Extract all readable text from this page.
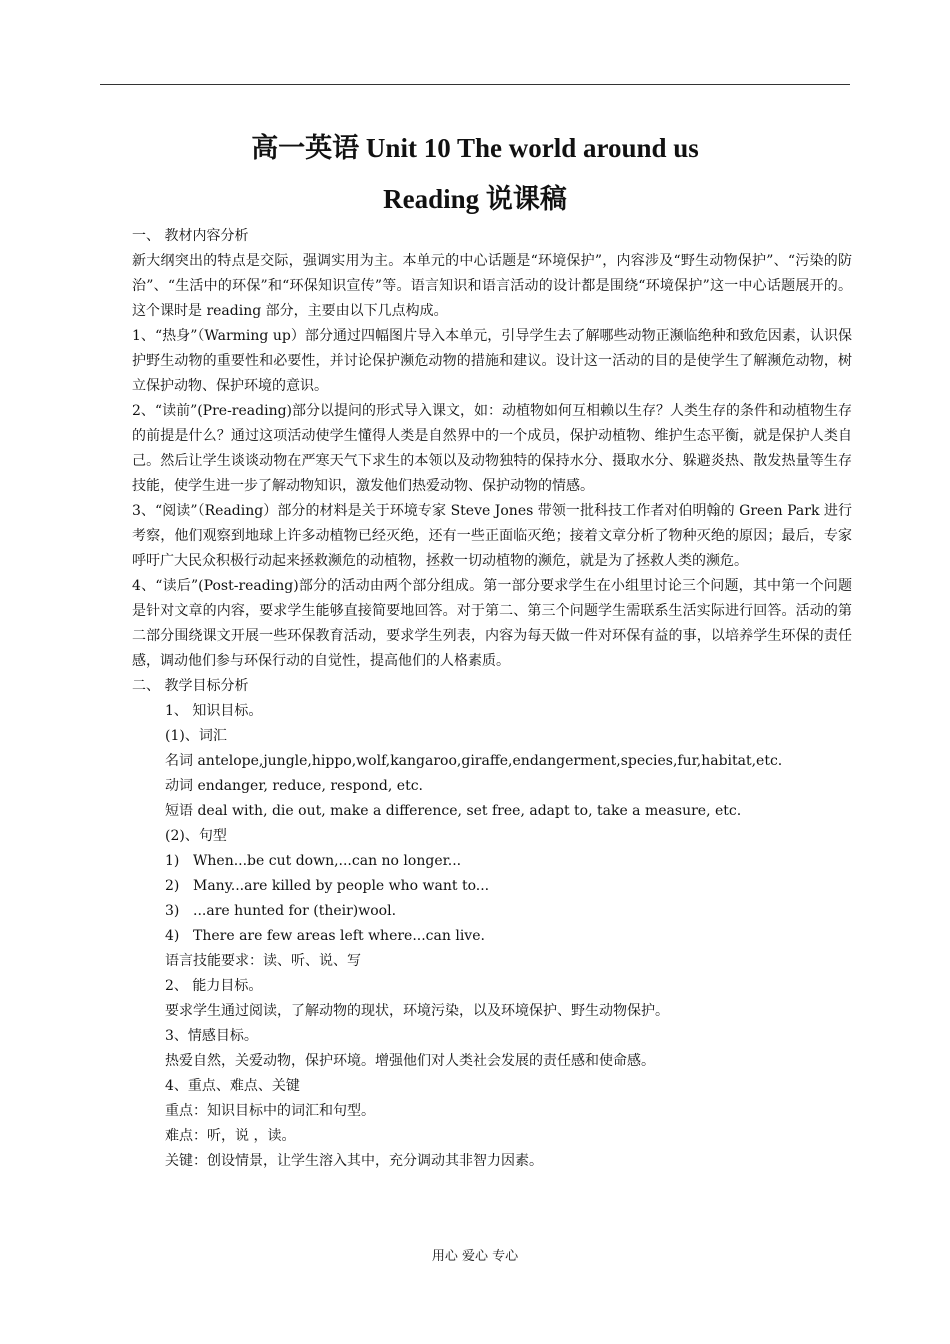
高一英语 Unit 10 The world around us
Reading 说课稿

一、 教材内容分析

新大纲突出的特点是交际，强调实用为主。本单元的中心话题是“环境保护”，内容涉及“野生动物保护”、“污染的防治”、“生活中的环保”和“环保知识宣传”等。语言知识和语言活动的设计都是围绕“环境保护”这一中心话题展开的。这个课时是 reading 部分，主要由以下几点构成。

1、“热身”（Warming up）部分通过四幅图片导入本单元，引导学生去了解哪些动物正濒临绝种和致危因素，认识保护野生动物的重要性和必要性，并讨论保护濒危动物的措施和建议。设计这一活动的目的是使学生了解濒危动物，树立保护动物、保护环境的意识。

2、“读前”(Pre-reading)部分以提问的形式导入课文，如：动植物如何互相赖以生存？人类生存的条件和动植物生存的前提是什么？通过这项活动使学生懂得人类是自然界中的一个成员，保护动植物、维护生态平衡，就是保护人类自己。然后让学生谈谈动物在严寒天气下求生的本领以及动物独特的保持水分、摄取水分、躲避炎热、散发热量等生存技能，使学生进一步了解动物知识，激发他们热爱动物、保护动物的情感。

3、“阅读”（Reading）部分的材料是关于环境专家 Steve Jones 带领一批科技工作者对伯明翰的 Green Park 进行考察，他们观察到地球上许多动植物已经灭绝，还有一些正面临灭绝；接着文章分析了物种灭绝的原因；最后，专家呼吁广大民众积极行动起来拯救濒危的动植物，拯救一切动植物的濒危，就是为了拯救人类的濒危。

4、“读后”(Post-reading)部分的活动由两个部分组成。第一部分要求学生在小组里讨论三个问题，其中第一个问题是针对文章的内容，要求学生能够直接简要地回答。对于第二、第三个问题学生需联系生活实际进行回答。活动的第二部分围绕课文开展一些环保教育活动，要求学生列表，内容为每天做一件对环保有益的事，以培养学生环保的责任感，调动他们参与环保行动的自觉性，提高他们的人格素质。

二、 教学目标分析

1、 知识目标。

(1)、词汇

名词 antelope,jungle,hippo,wolf,kangaroo,giraffe,endangerment,species,fur,habitat,etc.

动词 endanger, reduce, respond, etc.

短语 deal with, die out, make a difference, set free, adapt to, take a measure, etc.

(2)、句型

1) When...be cut down,...can no longer...

2) Many...are killed by people who want to...

3) ...are hunted for (their)wool.

4) There are few areas left where...can live.

语言技能要求：读、听、说、写

2、 能力目标。

要求学生通过阅读，了解动物的现状，环境污染，以及环境保护、野生动物保护。

3、情感目标。

热爱自然，关爱动物，保护环境。增强他们对人类社会发展的责任感和使命感。

4、重点、难点、关键

重点：知识目标中的词汇和句型。

难点：听，说 ，读。

关键：创设情景，让学生溶入其中，充分调动其非智力因素。

用心 爱心 专心
